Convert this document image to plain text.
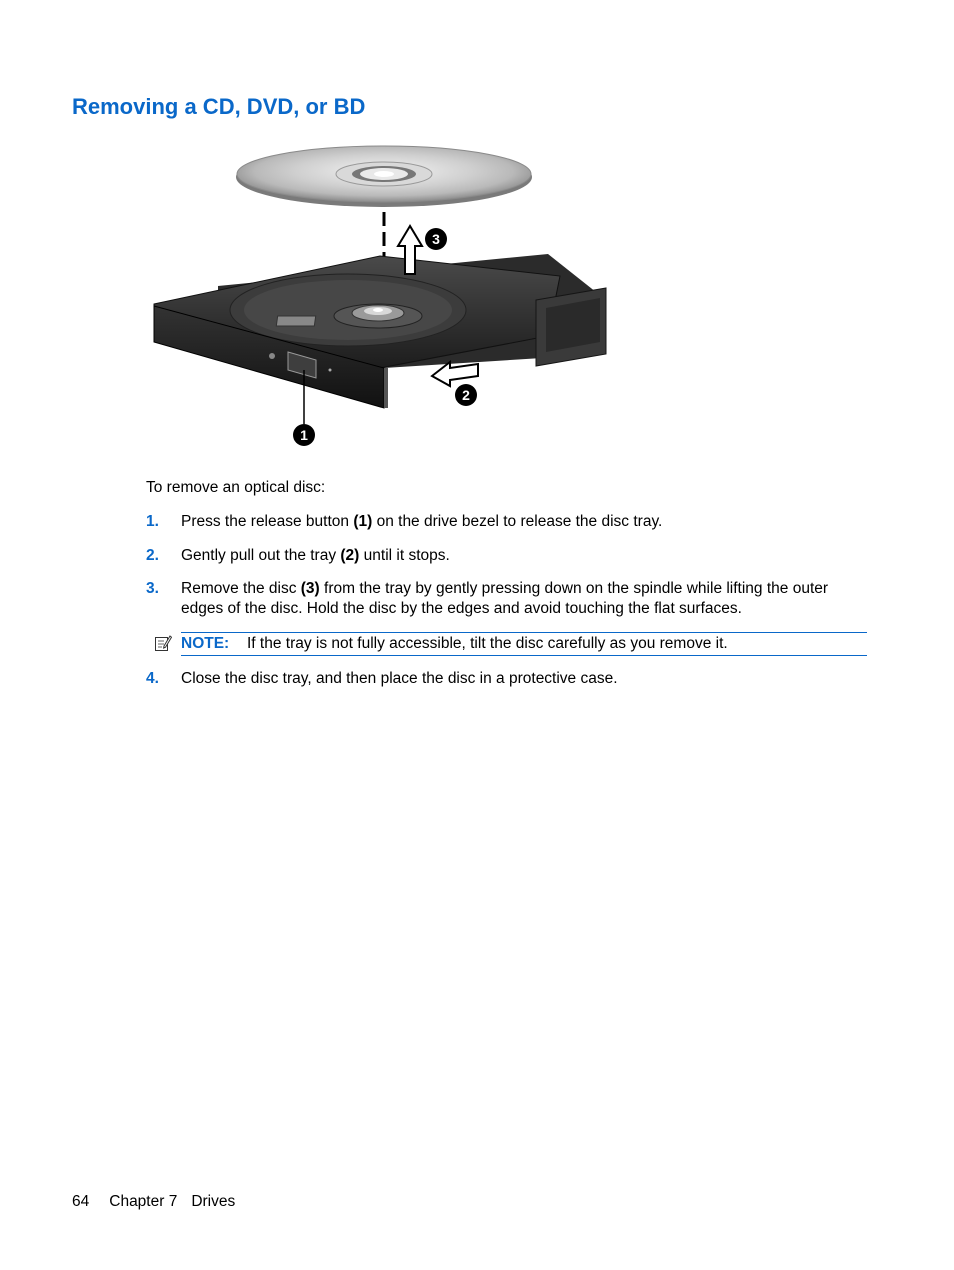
Removing a CD, DVD, or BD
1
2
3
To remove an optical disc:
1. Press the release button (1) on the drive bezel to release the disc tray.
2. Gently pull out the tray (2) until it stops.
3. Remove the disc (3) from the tray by gently pressing down on the spindle while lifting the outer edges of the disc. Hold the disc by the edges and avoid touching the flat surfaces.
NOTE: If the tray is not fully accessible, tilt the disc carefully as you remove it.
4. Close the disc tray, and then place the disc in a protective case.
64 Chapter 7 Drives
